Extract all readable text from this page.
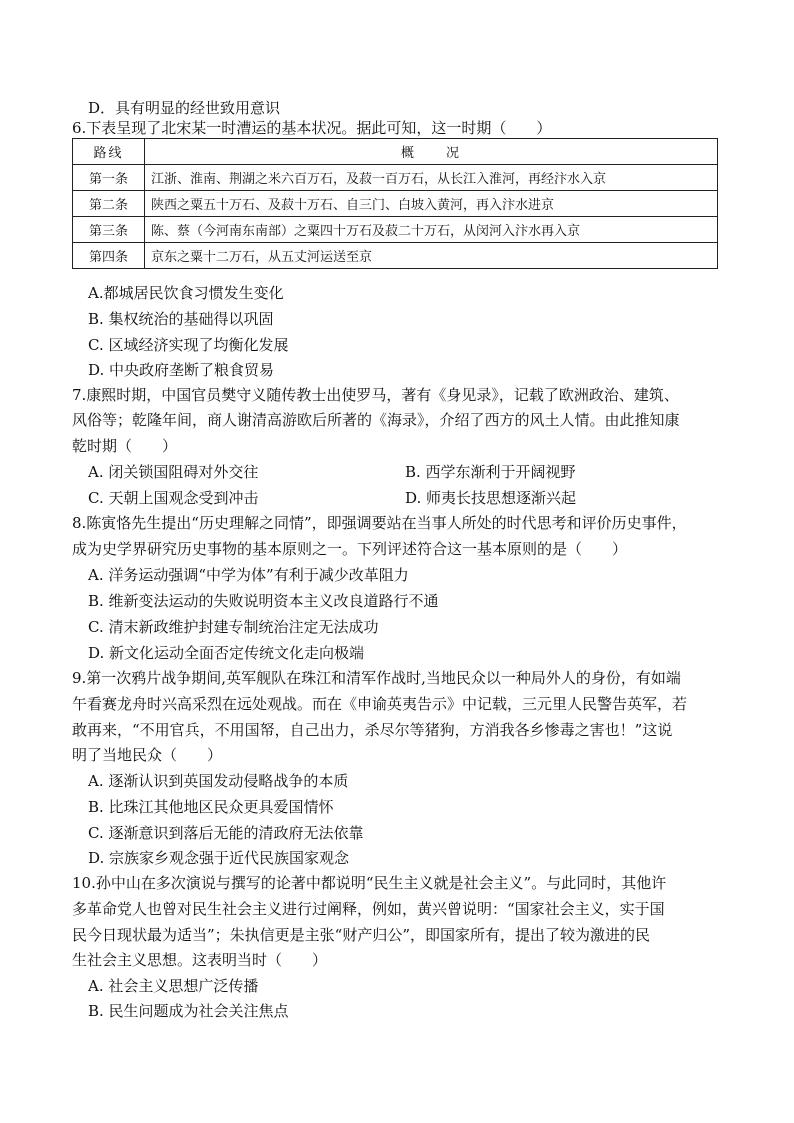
D．具有明显的经世致用意识
6.下表呈现了北宋某一时漕运的基本状况。据此可知，这一时期（　　）
路线	概　　况
第一条	江浙、淮南、荆湖之米六百万石，及菽一百万石，从长江入淮河，再经汴水入京
第二条	陕西之粟五十万石、及菽十万石、自三门、白坡入黄河，再入汴水进京
第三条	陈、蔡（今河南东南部）之粟四十万石及菽二十万石，从闵河入汴水再入京
第四条	京东之粟十二万石，从五丈河运送至京
A.都城居民饮食习惯发生变化
B. 集权统治的基础得以巩固
C. 区域经济实现了均衡化发展
D. 中央政府垄断了粮食贸易
7.康熙时期，中国官员樊守义随传教士出使罗马，著有《身见录》，记载了欧洲政治、建筑、
风俗等；乾隆年间，商人谢清高游欧后所著的《海录》，介绍了西方的风土人情。由此推知康
乾时期（　　）
A. 闭关锁国阻碍对外交往	B. 西学东渐利于开阔视野
C. 天朝上国观念受到冲击	D. 师夷长技思想逐渐兴起
8.陈寅恪先生提出“历史理解之同情”，即强调要站在当事人所处的时代思考和评价历史事件，
成为史学界研究历史事物的基本原则之一。下列评述符合这一基本原则的是（　　）
A. 洋务运动强调“中学为体”有利于减少改革阻力
B. 维新变法运动的失败说明资本主义改良道路行不通
C. 清末新政维护封建专制统治注定无法成功
D. 新文化运动全面否定传统文化走向极端
9.第一次鸦片战争期间,英军舰队在珠江和清军作战时,当地民众以一种局外人的身份，有如端
午看赛龙舟时兴高采烈在远处观战。而在《申谕英夷告示》中记载，三元里人民警告英军，若
敢再来，“不用官兵，不用国帑，自己出力，杀尽尔等猪狗，方消我各乡惨毒之害也！”这说
明了当地民众（　　）
A. 逐渐认识到英国发动侵略战争的本质
B. 比珠江其他地区民众更具爱国情怀
C. 逐渐意识到落后无能的清政府无法依靠
D. 宗族家乡观念强于近代民族国家观念
10.孙中山在多次演说与撰写的论著中都说明“民生主义就是社会主义”。与此同时，其他许
多革命党人也曾对民生社会主义进行过阐释，例如，黄兴曾说明：“国家社会主义，实于国
民今日现状最为适当”；朱执信更是主张“财产归公”，即国家所有，提出了较为激进的民
生社会主义思想。这表明当时（　　）
A. 社会主义思想广泛传播
B. 民生问题成为社会关注焦点
